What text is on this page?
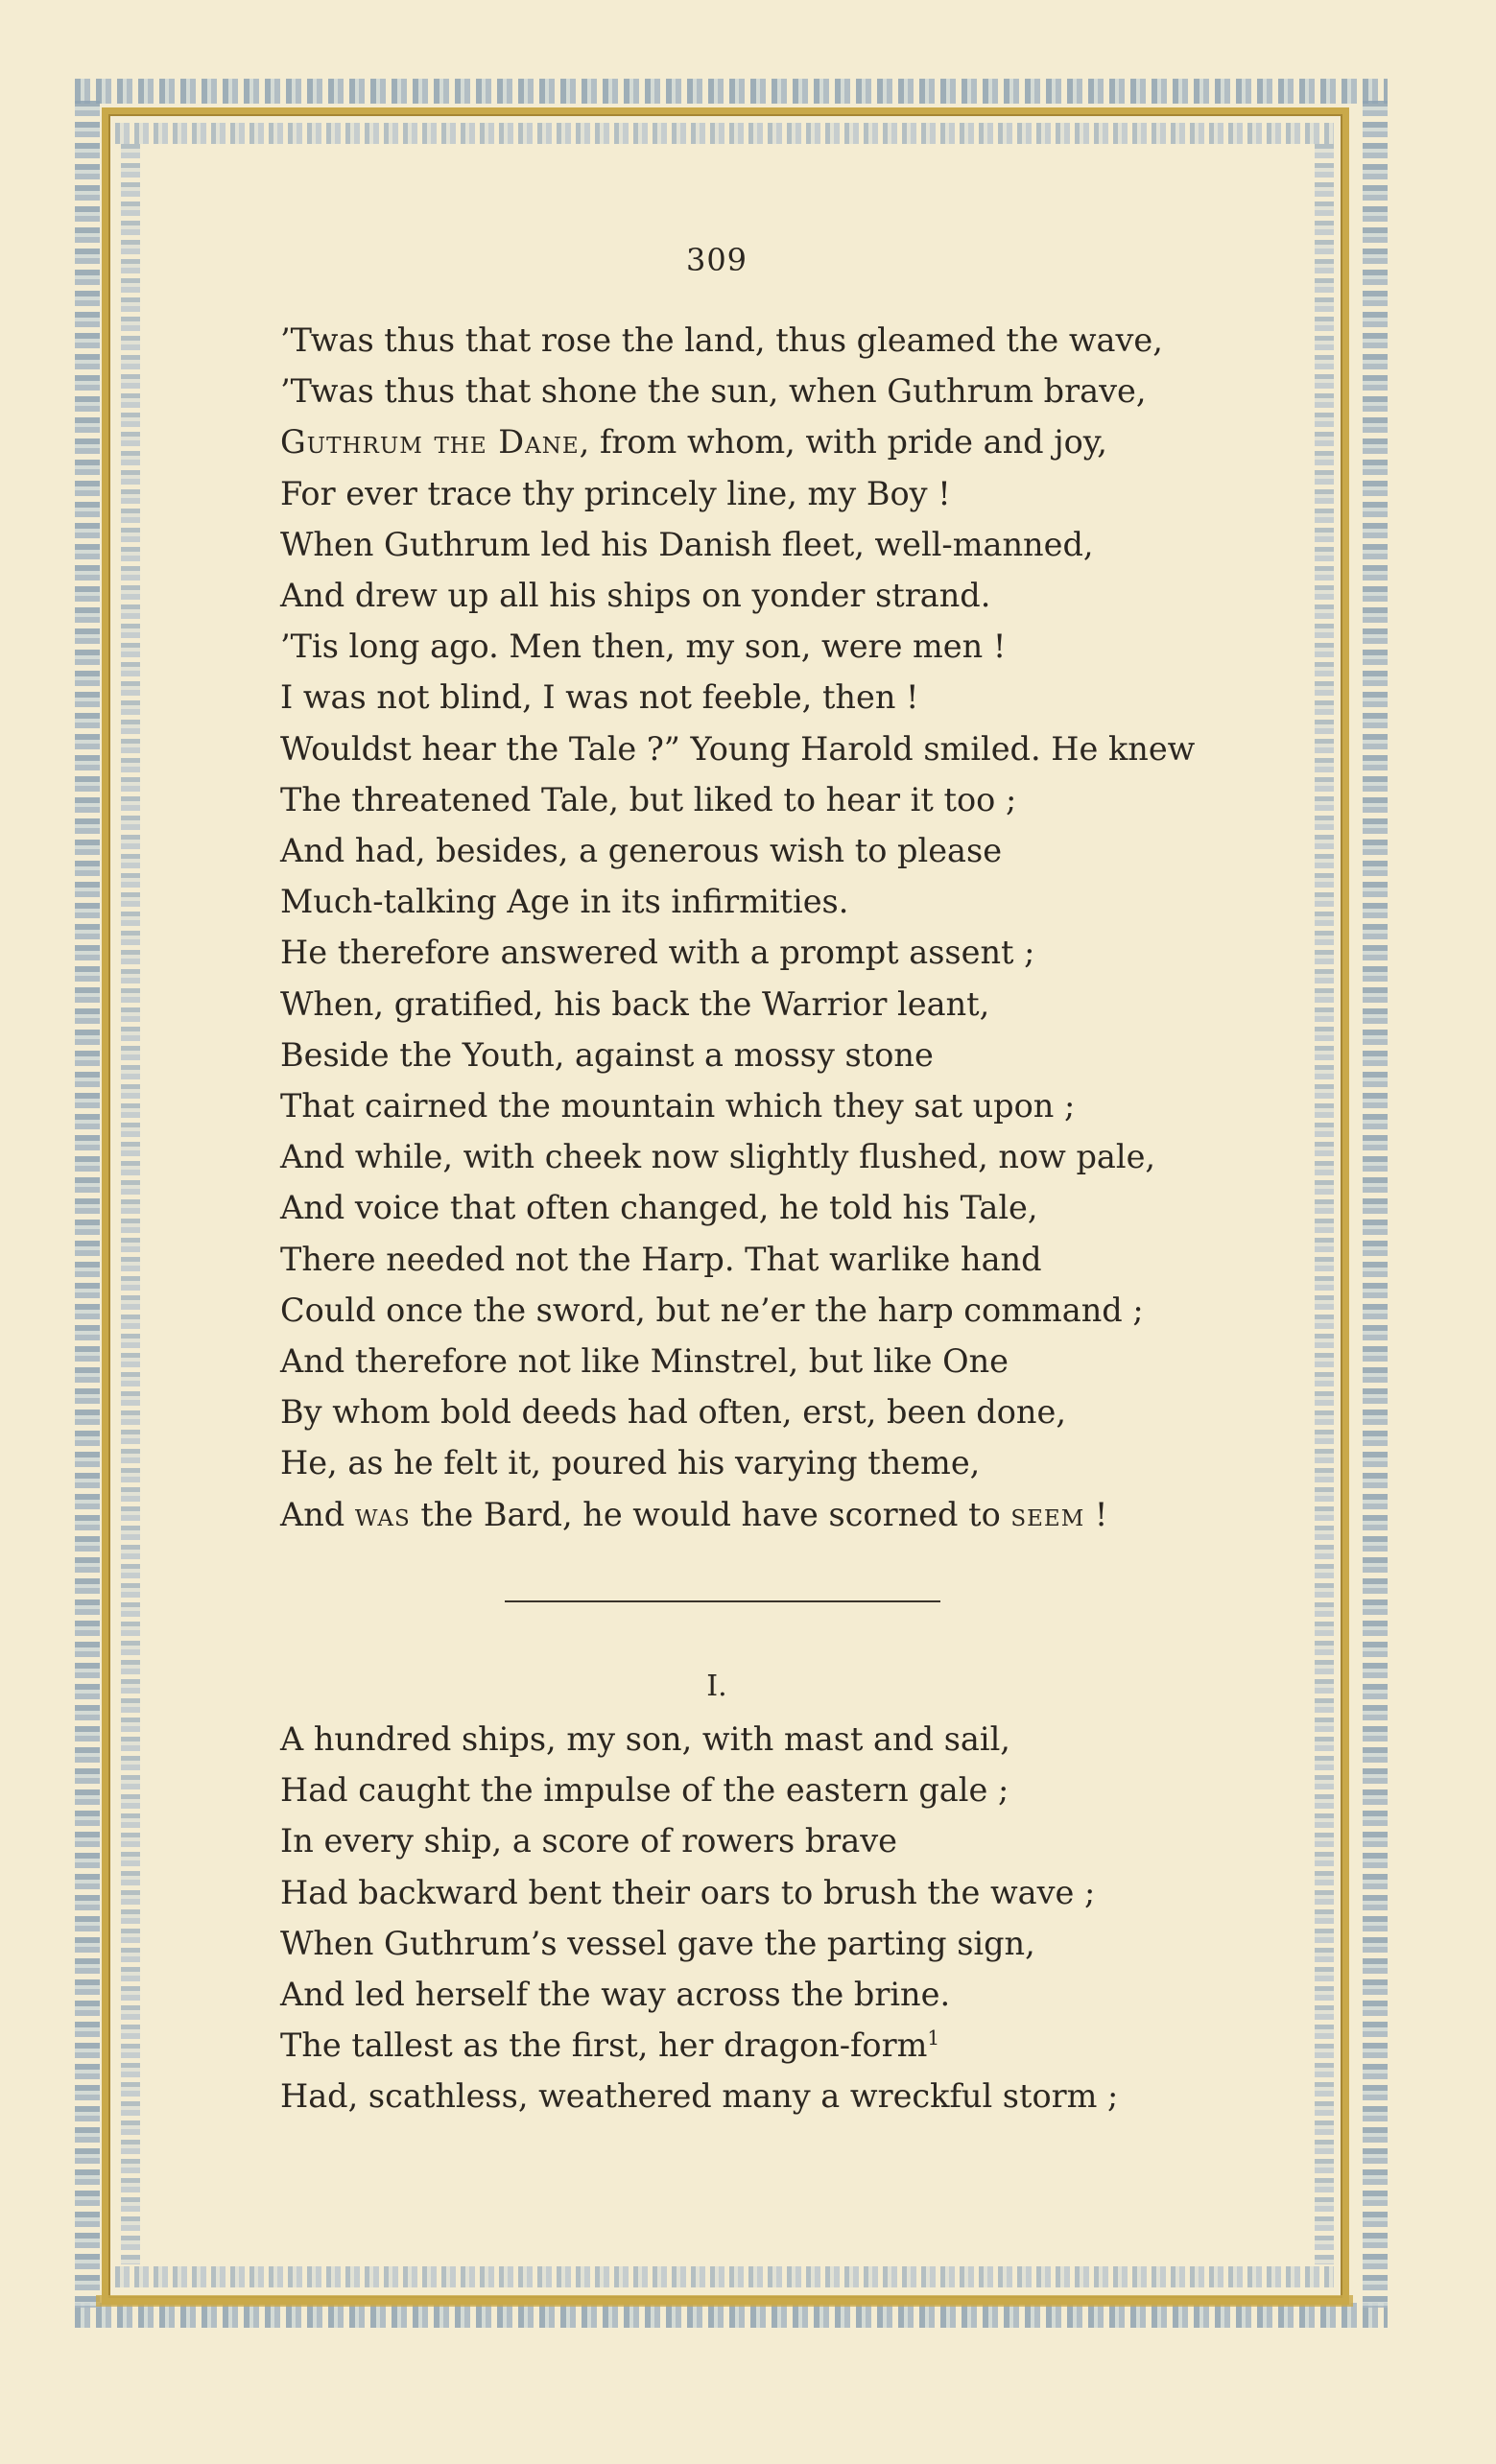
309
’Twas thus that rose the land, thus gleamed the wave,
’Twas thus that shone the sun, when Guthrum brave,
Guthrum the Dane, from whom, with pride and joy,
For ever trace thy princely line, my Boy !
When Guthrum led his Danish fleet, well-manned,
And drew up all his ships on yonder strand.
’Tis long ago. Men then, my son, were men !
I was not blind, I was not feeble, then !
Wouldst hear the Tale ?” Young Harold smiled. He knew
The threatened Tale, but liked to hear it too ;
And had, besides, a generous wish to please
Much-talking Age in its infirmities.
He therefore answered with a prompt assent ;
When, gratified, his back the Warrior leant,
Beside the Youth, against a mossy stone
That cairned the mountain which they sat upon ;
And while, with cheek now slightly flushed, now pale,
And voice that often changed, he told his Tale,
There needed not the Harp. That warlike hand
Could once the sword, but ne’er the harp command ;
And therefore not like Minstrel, but like One
By whom bold deeds had often, erst, been done,
He, as he felt it, poured his varying theme,
And was the Bard, he would have scorned to seem !
I.
A hundred ships, my son, with mast and sail,
Had caught the impulse of the eastern gale ;
In every ship, a score of rowers brave
Had backward bent their oars to brush the wave ;
When Guthrum’s vessel gave the parting sign,
And led herself the way across the brine.
The tallest as the first, her dragon-form$^1$
Had, scathless, weathered many a wreckful storm ;
